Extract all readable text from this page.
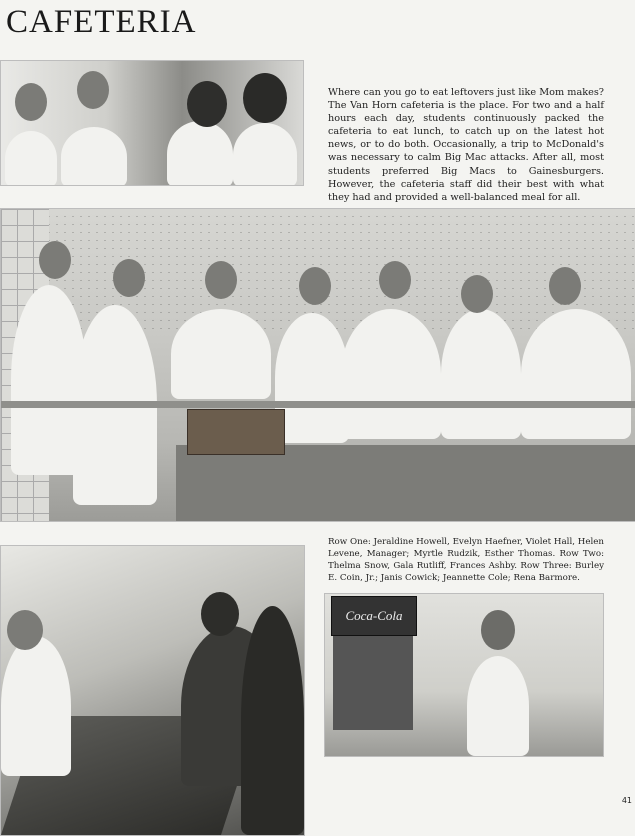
CAFETERIA

Where can you go to eat leftovers just like Mom makes? The Van Horn cafeteria is the place. For two and a half hours each day, students continuously packed the cafeteria to eat lunch, to catch up on the latest hot news, or to do both. Occasionally, a trip to McDonald's was necessary to calm Big Mac attacks. After all, most students preferred Big Macs to Gainesburgers. However, the cafeteria staff did their best with what they had and provided a well-balanced meal for all.

Row One: Jeraldine Howell, Evelyn Haefner, Violet Hall, Helen Levene, Manager; Myrtle Rudzik, Esther Thomas. Row Two: Thelma Snow, Gala Rutliff, Frances Ashby. Row Three: Burley E. Coin, Jr.; Janis Cowick; Jeannette Cole; Rena Barmore.

Coca-Cola
41
